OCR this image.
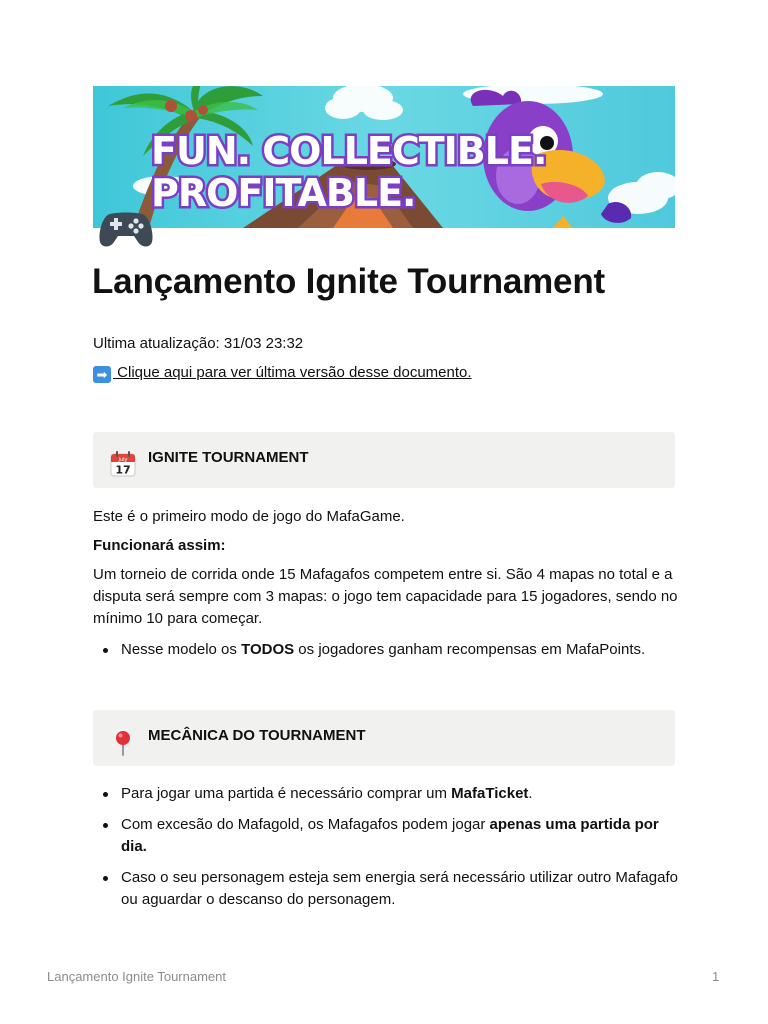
FUN. COLLECTIBLE.
PROFITABLE.
Lançamento Ignite Tournament
Ultima atualização: 31/03 23:32
➡ Clique aqui para ver última versão desse documento.
July
17
IGNITE TOURNAMENT

Este é o primeiro modo de jogo do MafaGame.

Funcionará assim:

Um torneio de corrida onde 15 Mafagafos competem entre si. São 4 mapas no total e a disputa será sempre com 3 mapas: o jogo tem capacidade para 15 jogadores, sendo no mínimo 10 para começar.

Nesse modelo os TODOS os jogadores ganham recompensas em MafaPoints.
MECÂNICA DO TOURNAMENT
Para jogar uma partida é necessário comprar um MafaTicket.
Com excesão do Mafagold, os Mafagafos podem jogar apenas uma partida por dia.
Caso o seu personagem esteja sem energia será necessário utilizar outro Mafagafo ou aguardar o descanso do personagem.
Lançamento Ignite Tournament	1
